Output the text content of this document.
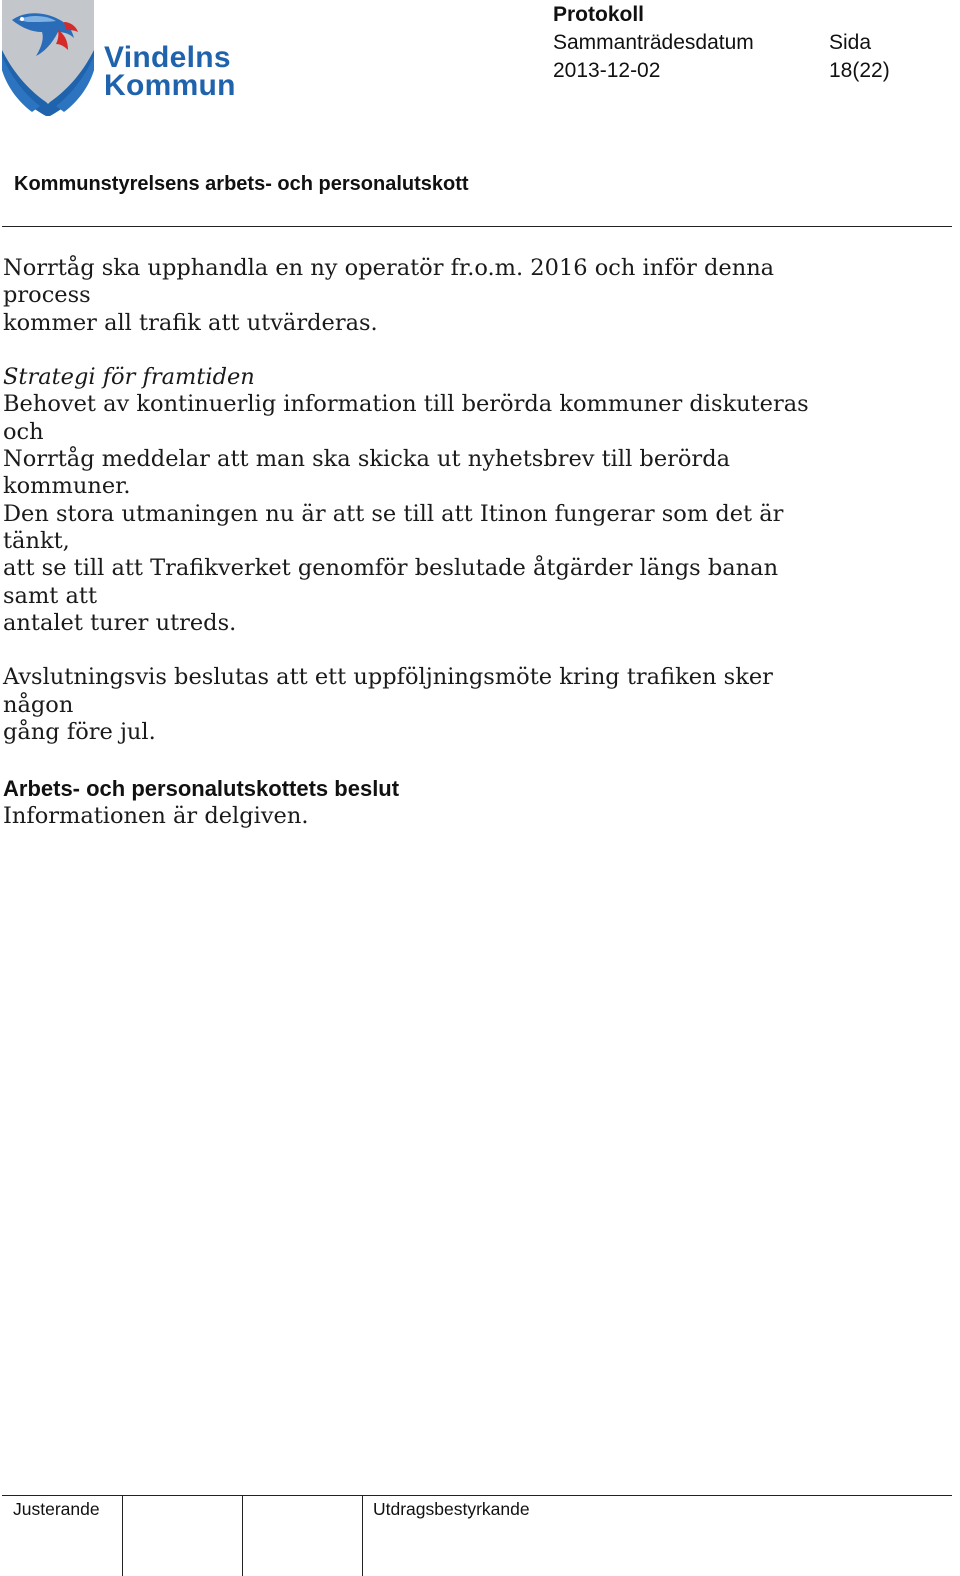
Vindelns
Kommun
Protokoll
Sammanträdesdatum
2013-12-02
Sida
18(22)
Kommunstyrelsens arbets- och personalutskott

Norrtåg ska upphandla en ny operatör fr.o.m. 2016 och inför denna process

kommer all trafik att utvärderas.

Strategi för framtiden

Behovet av kontinuerlig information till berörda kommuner diskuteras och

Norrtåg meddelar att man ska skicka ut nyhetsbrev till berörda kommuner.

Den stora utmaningen nu är att se till att Itinon fungerar som det är tänkt,

att se till att Trafikverket genomför beslutade åtgärder längs banan samt att

antalet turer utreds.

Avslutningsvis beslutas att ett uppföljningsmöte kring trafiken sker någon

gång före jul.

Arbets- och personalutskottets beslut

Informationen är delgiven.

Justerande	Utdragsbestyrkande
